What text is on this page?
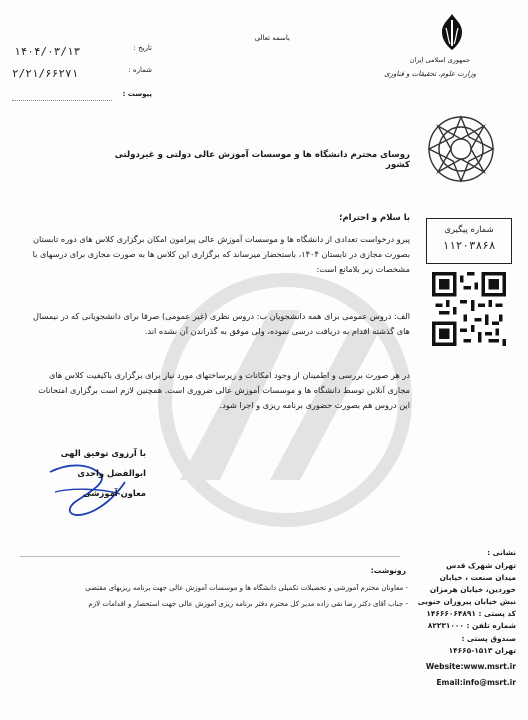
جمهوری اسلامی ایران
وزارت علوم، تحقیقات و فناوری
باسمه تعالی
۱۴۰۴/۰۳/۱۳	تاریخ :
۲/۲۱/۶۶۲۷۱	شماره :
پیوست :
روسای محترم دانشگاه ها و موسسات آموزش عالی دولتی و غیردولتی کشور
با سلام و احترام؛
پیرو درخواست تعدادی از دانشگاه ها و موسسات آموزش عالی پیرامون امکان برگزاری کلاس های دوره تابستان بصورت مجازی در تابستان ۱۴۰۴، باستحضار میرساند که برگزاری این کلاس ها به صورت مجازی برای درسهای با مشخصات زیر بلامانع است:
الف: دروس عمومی برای همه دانشجویان ب: دروس نظری (غیر عمومی) صرفا برای دانشجویانی که در نیمسال های گذشته اقدام به دریافت درسی نموده، ولی موفق به گذراندن آن نشده اند.
در هر صورت بررسی و اطمینان از وجود امکانات و زیرساختهای مورد نیاز برای برگزاری باکیفیت کلاس های مجازی آنلاین توسط دانشگاه ها و موسسات آموزش عالی ضروری است. همچنین لازم است برگزاری امتحانات این دروس هم بصورت حضوری برنامه ریزی و اجرا شود.
با آرزوی توفیق الهی
ابوالفضل واحدی
معاون آموزشی
شماره پیگیری
۱۱۲۰۳۸۶۸
رونوشت:
- معاونان محترم آموزشی و تحصیلات تکمیلی دانشگاه ها و موسسات آموزش عالی جهت برنامه ریزیهای مقتضی
- جناب آقای دکتر رضا نقی زاده مدیر کل محترم دفتر برنامه ریزی آموزش عالی جهت استحضار و اقدامات لازم
نشانی :
تهران شهرک قدس
میدان صنعت ، خیابان
خوردین، خیابان هرمزان
نبش خیابان پیروزان جنوبی
کد پستی : ۱۴۶۶۶۰۶۴۸۹۱
شماره تلفن : ۸۲۲۳۱۰۰۰
صندوق پستی :
تهران ۱۵۱۳-۱۴۶۶۵
Website:www.msrt.ir
Email:info@msrt.ir
